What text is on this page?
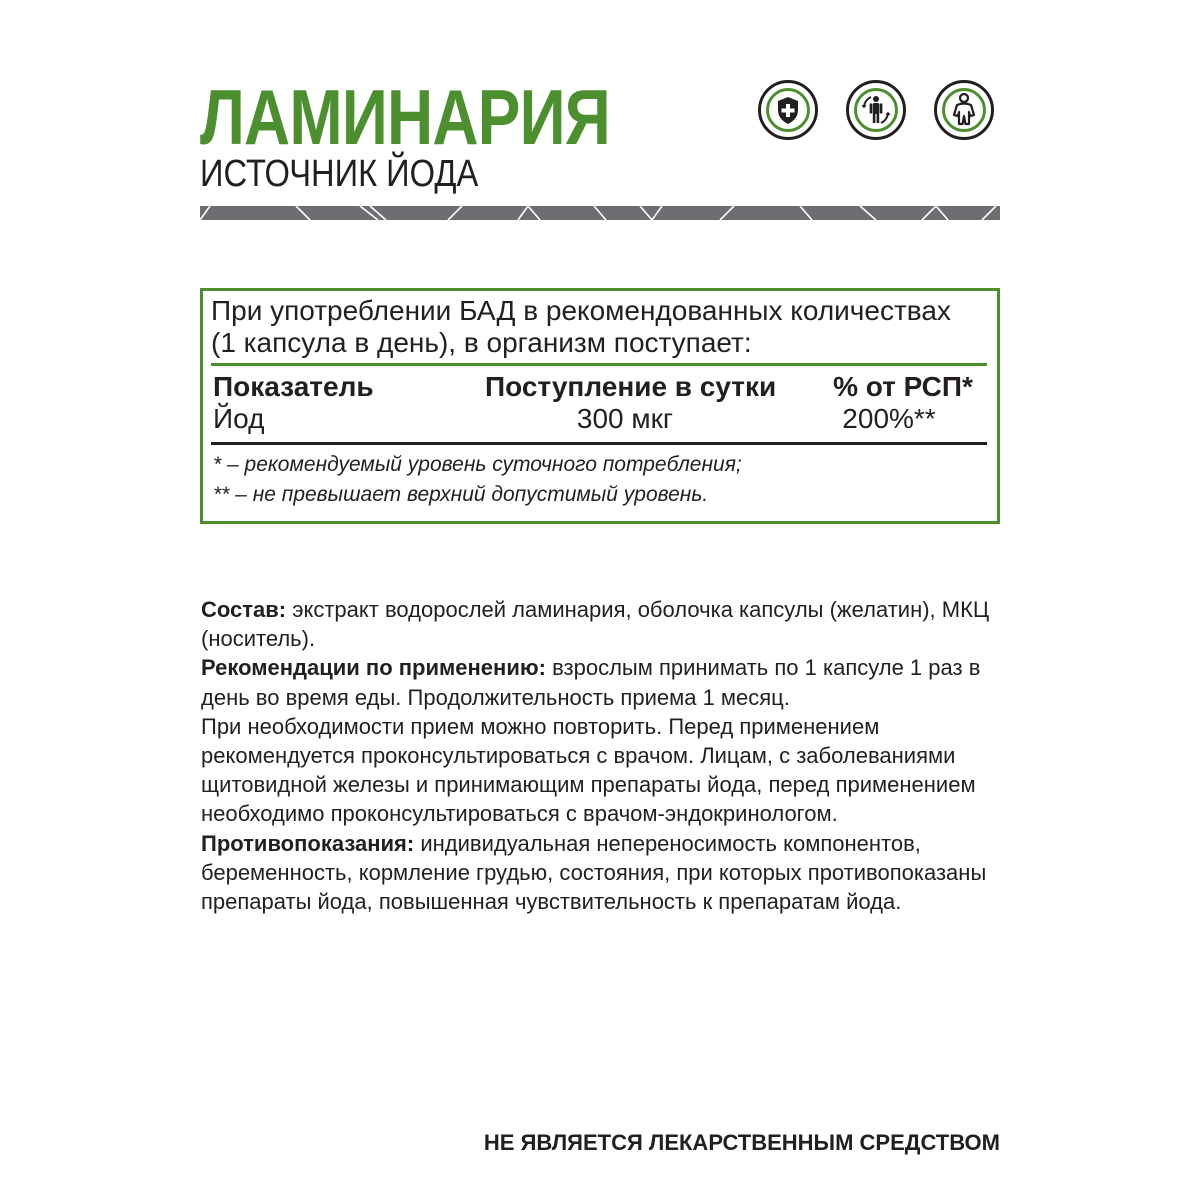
ЛАМИНАРИЯ
ИСТОЧНИК ЙОДА

При употреблении БАД в рекомендованных количествах
(1 капсула в день), в организм поступает:

Показатель	Поступление в сутки	% от РСП*
Йод	300 мкг	200%**
* – рекомендуемый уровень суточного потребления;
** – не превышает верхний допустимый уровень.

Состав: экстракт водорослей ламинария, оболочка капсулы (желатин), МКЦ (носитель).

Рекомендации по применению: взрослым принимать по 1 капсуле 1 раз в день во время еды. Продолжительность приема 1 месяц.

При необходимости прием можно повторить. Перед применением рекомендуется проконсультироваться с врачом. Лицам, с заболеваниями щитовидной железы и принимающим препараты йода, перед применением необходимо проконсультироваться с врачом-эндокринологом.

Противопоказания: индивидуальная непереносимость компонентов, беременность, кормление грудью, состояния, при которых противопоказаны препараты йода, повышенная чувствительность к препаратам йода.

НЕ ЯВЛЯЕТСЯ ЛЕКАРСТВЕННЫМ СРЕДСТВОМ
